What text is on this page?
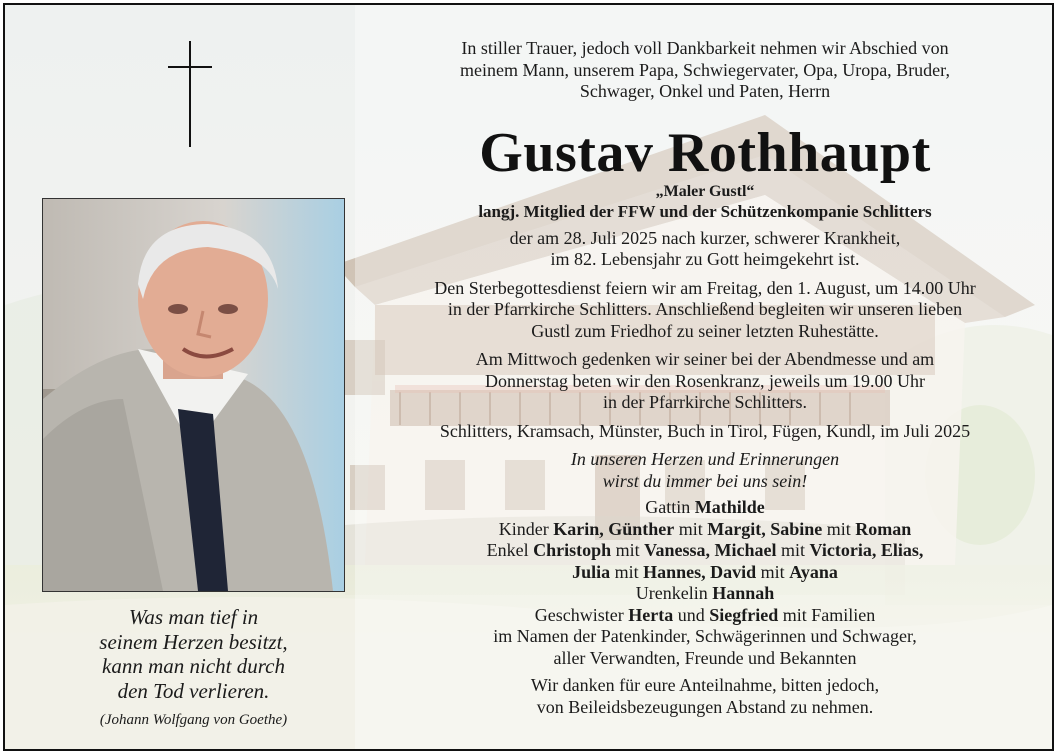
In stiller Trauer, jedoch voll Dankbarkeit nehmen wir Abschied von
meinem Mann, unserem Papa, Schwiegervater, Opa, Uropa, Bruder,
Schwager, Onkel und Paten, Herrn

Gustav Rothhaupt

„Maler Gustl“

langj. Mitglied der FFW und der Schützenkompanie Schlitters

der am 28. Juli 2025 nach kurzer, schwerer Krankheit,
im 82. Lebensjahr zu Gott heimgekehrt ist.

Den Sterbegottesdienst feiern wir am Freitag, den 1. August, um 14.00 Uhr
in der Pfarrkirche Schlitters. Anschließend begleiten wir unseren lieben
Gustl zum Friedhof zu seiner letzten Ruhestätte.

Am Mittwoch gedenken wir seiner bei der Abendmesse und am
Donnerstag beten wir den Rosenkranz, jeweils um 19.00 Uhr
in der Pfarrkirche Schlitters.

Schlitters, Kramsach, Münster, Buch in Tirol, Fügen, Kundl, im Juli 2025

In unseren Herzen und Erinnerungen
wirst du immer bei uns sein!

Gattin Mathilde

Kinder Karin, Günther mit Margit, Sabine mit Roman

Enkel Christoph mit Vanessa, Michael mit Victoria, Elias,

Julia mit Hannes, David mit Ayana

Urenkelin Hannah

Geschwister Herta und Siegfried mit Familien

im Namen der Patenkinder, Schwägerinnen und Schwager,
aller Verwandten, Freunde und Bekannten

Wir danken für eure Anteilnahme, bitten jedoch,
von Beileidsbezeugungen Abstand zu nehmen.

Was man tief in
seinem Herzen besitzt,
kann man nicht durch
den Tod verlieren.
(Johann Wolfgang von Goethe)
